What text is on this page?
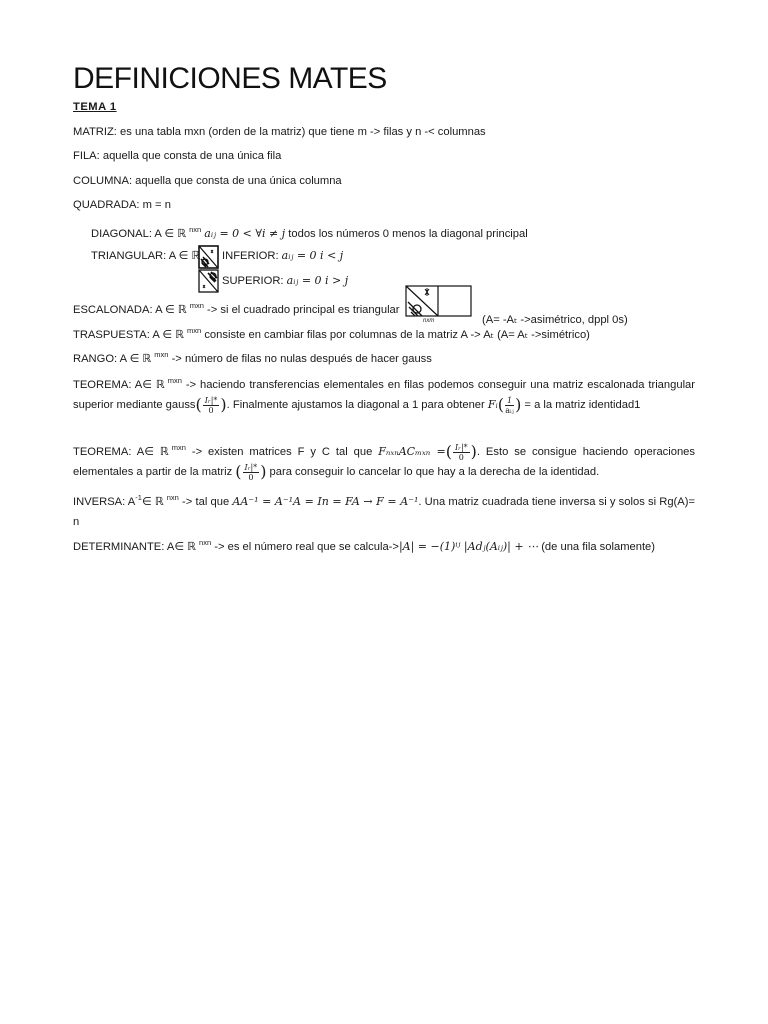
DEFINICIONES MATES
TEMA 1
MATRIZ: es una tabla mxn (orden de la matriz) que tiene m -> filas y n -< columnas
FILA: aquella que consta de una única fila
COLUMNA: aquella que consta de una única columna
QUADRADA: m = n
DIAGONAL: A ∈ ℝ $^{nxn}$ aᵢⱼ = 0 < ∀i ≠ j todos los números 0 menos la diagonal principal
TRIANGULAR: A ∈ ℝ INFERIOR: aᵢⱼ = 0 i < j
SUPERIOR: aᵢⱼ = 0 i > j
ESCALONADA: A ∈ ℝ $^{mxn}$ -> si el cuadrado principal es triangular
nxm	(A= -Aₜ ->asimétrico, dppl 0s)
TRASPUESTA: A ∈ ℝ $^{mxn}$ consiste en cambiar filas por columnas de la matriz A -> Aₜ (A= Aₜ ->simétrico)
RANGO: A ∈ ℝ $^{mxn}$ -> número de filas no nulas después de hacer gauss
TEOREMA: A∈ ℝ $^{mxn}$ -> haciendo transferencias elementales en filas podemos conseguir una matriz escalonada triangular superior mediante gauss( $\frac{\text{Iᵣ|*}}{0}$ ). Finalmente ajustamos la diagonal a 1 para obtener Fᵢ( $\frac{1}{\text{aᵢⱼ}}$ ) = a la matriz identidad1
TEOREMA: A∈ ℝ $^{mxn}$ -> existen matrices F y C tal que FₙₓₙACₘₓₙ =( $\frac{\text{Iᵣ|*}}{0}$ ). Esto se consigue haciendo operaciones elementales a partir de la matriz ( $\frac{\text{Iᵣ|*}}{0}$ ) para conseguir lo cancelar lo que hay a la derecha de la identidad.
INVERSA: $A^{-1}\in$ ℝ $^{nxn}$ -> tal que AA⁻¹ = A⁻¹A = In = FA → F = A⁻¹. Una matriz cuadrada tiene inversa si y solos si Rg(A)= n
DETERMINANTE: A∈ ℝ $^{nxn}$ -> es el número real que se calcula->|A| = −(1)ⁱʲ |Adⱼ(Aᵢⱼ)| + ⋯ (de una fila solamente)
